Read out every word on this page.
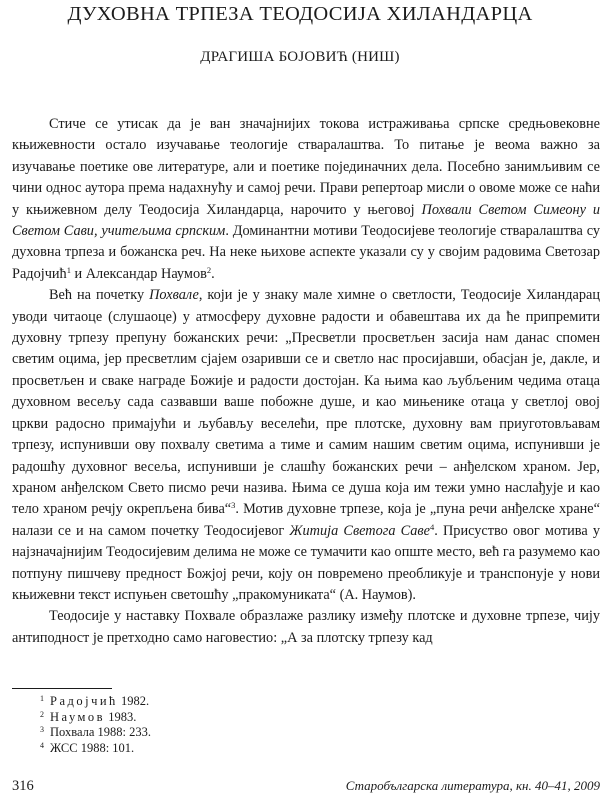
ДУХОВНА ТРПЕЗА ТЕОДОСИЈА ХИЛАНДАРЦА
ДРАГИША БОЈОВИЋ (НИШ)

Стиче се утисак да је ван значајнијих токова истраживања српске средњовековне књижевности остало изучавање теологије стваралаштва. То питање је веома важно за изучавање поетике ове литературе, али и поетике појединачних дела. Посебно занимљивим се чини однос аутора према надахнућу и самој речи. Прави репертоар мисли о овоме може се наћи у књижевном делу Теодосија Хиландарца, нарочито у његовој Похвали Светом Симеону и Светом Сави, учитељима српским. Доминантни мотиви Теодосијеве теологије стваралаштва су духовна трпеза и божанска реч. На неке њихове аспекте указали су у својим радовима Светозар Радојчић$^1$ и Александар Наумов$^2$.

Већ на почетку Похвале, који је у знаку мале химне о светлости, Теодосије Хиландарац уводи читаоце (слушаоце) у атмосферу духовне радости и обавештава их да ће припремити духовну трпезу препуну божанских речи: „Пресветли просветљен засија нам данас спомен светим оцима, јер пресветлим сјајем озаривши се и светло нас просијавши, обасјан је, дакле, и просветљен и сваке награде Божије и радости достојан. Ка њима као љубљеним чедима отаца духовном весељу сада сазвавши ваше побожне душе, и као мињенике отаца у светлој овој цркви радосно примајући и љубављу веселећи, пре плотске, духовну вам приуготовљавам трпезу, испунивши ову похвалу светима а тиме и самим нашим светим оцима, испунивши је радошћу духовног весеља, испунивши је слашћу божанских речи – анђелском храном. Јер, храном анђелском Свето писмо речи назива. Њима се душа која им тежи умно наслађује и као тело храном речју окрепљена бива“$^3$. Мотив духовне трпезе, која је „пуна речи анђелске хране“ налази се и на самом почетку Теодосијевог Житија Светога Саве$^4$. Присуство овог мотива у најзначајнијим Теодосијевим делима не може се тумачити као опште место, већ га разумемо као потпуну пишчеву предност Божјој речи, коју он повремено преобликује и транспонује у нови књижевни текст испуњен светошћу „пракомуниката“ (А. Наумов).

Теодосије у наставку Похвале образлаже разлику између плотске и духовне трпезе, чију антиподност је претходно само наговестио: „А за плотску трпезу кад

$^1$ Радојчић 1982.
$^2$ Наумов 1983.
$^3$ Похвала 1988: 233.
$^4$ ЖСС 1988: 101.
316	Старобългарска литература, кн. 40–41, 2009
